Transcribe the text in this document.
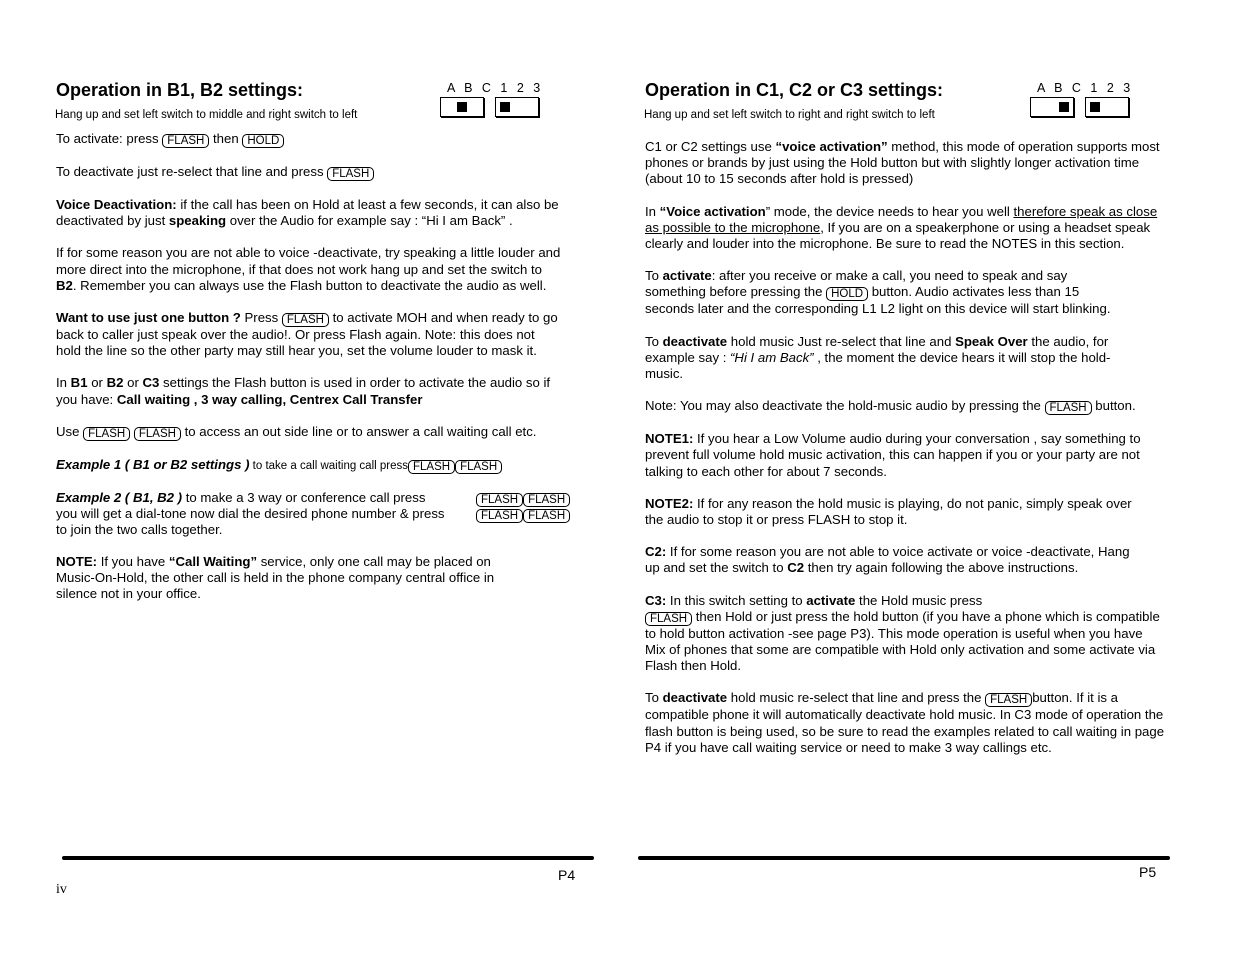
Operation in B1, B2 settings:
Hang up and set left switch to middle and right switch to left
A B C 1 2 3

To activate: press FLASH then HOLD

To deactivate just re-select that line and press FLASH

Voice Deactivation: if the call has been on Hold at least a few seconds, it can also be deactivated by just speaking over the Audio for example say : “Hi I am Back” .

If for some reason you are not able to voice -deactivate, try speaking a little louder and more direct into the microphone, if that does not work hang up and set the switch to B2. Remember you can always use the Flash button to deactivate the audio as well.

Want to use just one button ? Press FLASH to activate MOH and when ready to go back to caller just speak over the audio!. Or press Flash again. Note: this does not hold the line so the other party may still hear you, set the volume louder to mask it.

In B1 or B2 or C3 settings the Flash button is used in order to activate the audio so if you have: Call waiting , 3 way calling, Centrex Call Transfer

Use FLASH FLASH to access an out side line or to answer a call waiting call etc.

Example 1 ( B1 or B2 settings ) to take a call waiting call press FLASH FLASH

Example 2 ( B1, B2 ) to make a 3 way or conference call press	FLASH FLASH
you will get a dial-tone now dial the desired phone number & press	FLASH FLASH
to join the two calls together.

NOTE: If you have “Call Waiting” service, only one call may be placed on Music-On-Hold, the other call is held in the phone company central office in silence not in your office.

P4
iv
Operation in C1, C2 or C3 settings:
Hang up and set left switch to right and right switch to left
A B C 1 2 3

C1 or C2 settings use “voice activation” method, this mode of operation supports most phones or brands by just using the Hold button but with slightly longer activation time (about 10 to 15 seconds after hold is pressed)

In “Voice activation” mode, the device needs to hear you well therefore speak as close as possible to the microphone, If you are on a speakerphone or using a headset speak clearly and louder into the microphone. Be sure to read the NOTES in this section.

To activate: after you receive or make a call, you need to speak and say something before pressing the HOLD button. Audio activates less than 15 seconds later and the corresponding L1 L2 light on this device will start blinking.

To deactivate hold music Just re-select that line and Speak Over the audio, for example say : “Hi I am Back” , the moment the device hears it will stop the hold-music.

Note: You may also deactivate the hold-music audio by pressing the FLASH button.

NOTE1: If you hear a Low Volume audio during your conversation , say something to prevent full volume hold music activation, this can happen if you or your party are not talking to each other for about 7 seconds.

NOTE2: If for any reason the hold music is playing, do not panic, simply speak over the audio to stop it or press FLASH to stop it.

C2: If for some reason you are not able to voice activate or voice -deactivate, Hang up and set the switch to C2 then try again following the above instructions.

C3: In this switch setting to activate the Hold music press
FLASH then Hold or just press the hold button (if you have a phone which is compatible to hold button activation -see page P3). This mode operation is useful when you have Mix of phones that some are compatible with Hold only activation and some activate via Flash then Hold.

To deactivate hold music re-select that line and press the FLASH button. If it is a compatible phone it will automatically deactivate hold music. In C3 mode of operation the flash button is being used, so be sure to read the examples related to call waiting in page P4 if you have call waiting service or need to make 3 way callings etc.

P5
